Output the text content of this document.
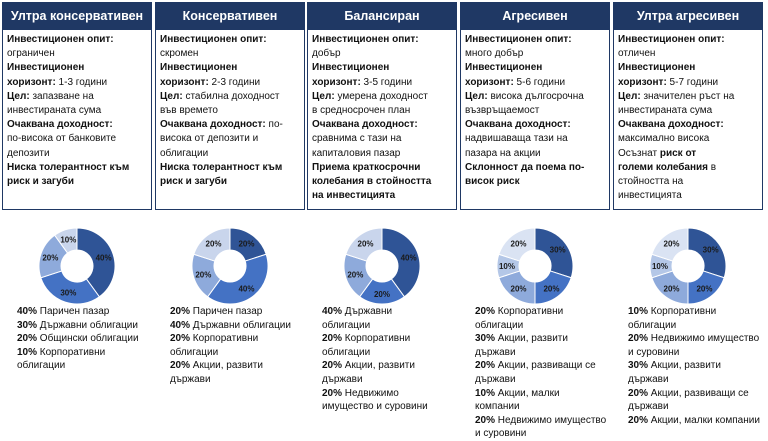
Ултра консервативен
Инвестиционен опит:
ограничен
Инвестиционен
хоризонт: 1-3 години
Цел: запазване на
инвестираната сума
Очаквана доходност:
по-висока от банковите
депозити
Ниска толерантност към
риск и загуби
40%
30%
20%
10%
40% Паричен пазар
30% Държавни облигации
20% Общински облигации
10% Корпоративни
облигации
Консервативен
Инвестиционен опит:
скромен
Инвестиционен
хоризонт: 2-3 години
Цел: стабилна доходност
във времето
Очаквана доходност: по-
висока от депозити и
облигации
Ниска толерантност към
риск и загуби
20%
40%
20%
20%
20% Паричен пазар
40% Държавни облигации
20% Корпоративни
облигации
20% Акции, развити
държави
Балансиран
Инвестиционен опит:
добър
Инвестиционен
хоризонт: 3-5 години
Цел: умерена доходност
в средносрочен план
Очаквана доходност:
сравнима с тази на
капиталовия пазар
Приема краткосрочни
колебания в стойността
на инвестицията
40%
20%
20%
20%
40% Държавни
облигации
20% Корпоративни
облигации
20% Акции, развити
държави
20% Недвижимо
имущество и суровини
Агресивен
Инвестиционен опит:
много добър
Инвестиционен
хоризонт: 5-6 години
Цел: висока дългосрочна
възвръщаемост
Очаквана доходност:
надвишаваща тази на
пазара на акции
Склонност да поема по-
висок риск
30%
20%
20%
10%
20%
20% Корпоративни
облигации
30% Акции, развити
държави
20% Акции, развиващи се
държави
10% Акции, малки
компании
20% Недвижимо имущество
и суровини
Ултра агресивен
Инвестиционен опит:
отличен
Инвестиционен
хоризонт: 5-7 години
Цел: значителен ръст на
инвестираната сума
Очаквана доходност:
максимално висока
Осъзнат риск от
големи колебания в
стойността на
инвестицията
30%
20%
20%
10%
20%
10% Корпоративни
облигации
20% Недвижимо имущество
и суровини
30% Акции, развити
държави
20% Акции, развиващи се
държави
20% Акции, малки компании
